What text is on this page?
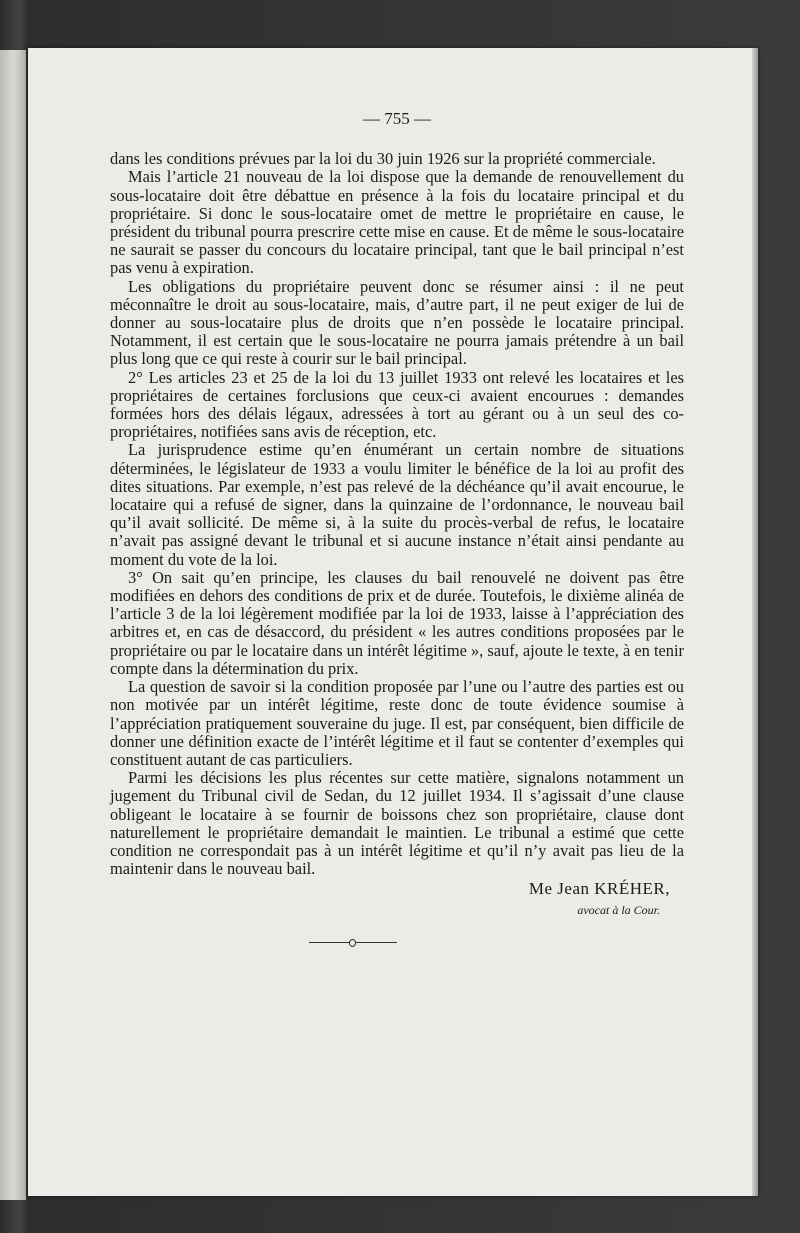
— 755 —

dans les conditions prévues par la loi du 30 juin 1926 sur la propriété commerciale.

Mais l’article 21 nouveau de la loi dispose que la demande de renouvellement du sous-locataire doit être débattue en présence à la fois du locataire principal et du propriétaire. Si donc le sous-locataire omet de mettre le propriétaire en cause, le président du tribunal pourra prescrire cette mise en cause. Et de même le sous-locataire ne saurait se passer du concours du locataire principal, tant que le bail principal n’est pas venu à expiration.

Les obligations du propriétaire peuvent donc se résumer ainsi : il ne peut méconnaître le droit au sous-locataire, mais, d’autre part, il ne peut exiger de lui de donner au sous-locataire plus de droits que n’en possède le locataire principal. Notamment, il est certain que le sous-locataire ne pourra jamais prétendre à un bail plus long que ce qui reste à courir sur le bail principal.

2° Les articles 23 et 25 de la loi du 13 juillet 1933 ont relevé les locataires et les propriétaires de certaines forclusions que ceux-ci avaient encourues : demandes formées hors des délais légaux, adressées à tort au gérant ou à un seul des co-propriétaires, notifiées sans avis de réception, etc.

La jurisprudence estime qu’en énumérant un certain nombre de situations déterminées, le législateur de 1933 a voulu limiter le bénéfice de la loi au profit des dites situations. Par exemple, n’est pas relevé de la déchéance qu’il avait encourue, le locataire qui a refusé de signer, dans la quinzaine de l’ordonnance, le nouveau bail qu’il avait sollicité. De même si, à la suite du procès-verbal de refus, le locataire n’avait pas assigné devant le tribunal et si aucune instance n’était ainsi pendante au moment du vote de la loi.

3° On sait qu’en principe, les clauses du bail renouvelé ne doivent pas être modifiées en dehors des conditions de prix et de durée. Toutefois, le dixième alinéa de l’article 3 de la loi légèrement modifiée par la loi de 1933, laisse à l’appréciation des arbitres et, en cas de désaccord, du président « les autres conditions proposées par le propriétaire ou par le locataire dans un intérêt légitime », sauf, ajoute le texte, à en tenir compte dans la détermination du prix.

La question de savoir si la condition proposée par l’une ou l’autre des parties est ou non motivée par un intérêt légitime, reste donc de toute évidence soumise à l’appréciation pratiquement souveraine du juge. Il est, par conséquent, bien difficile de donner une définition exacte de l’intérêt légitime et il faut se contenter d’exemples qui constituent autant de cas particuliers.

Parmi les décisions les plus récentes sur cette matière, signalons notamment un jugement du Tribunal civil de Sedan, du 12 juillet 1934. Il s’agissait d’une clause obligeant le locataire à se fournir de boissons chez son propriétaire, clause dont naturellement le propriétaire demandait le maintien. Le tribunal a estimé que cette condition ne correspondait pas à un intérêt légitime et qu’il n’y avait pas lieu de la maintenir dans le nouveau bail.

Me Jean KRÉHER,
avocat à la Cour.
